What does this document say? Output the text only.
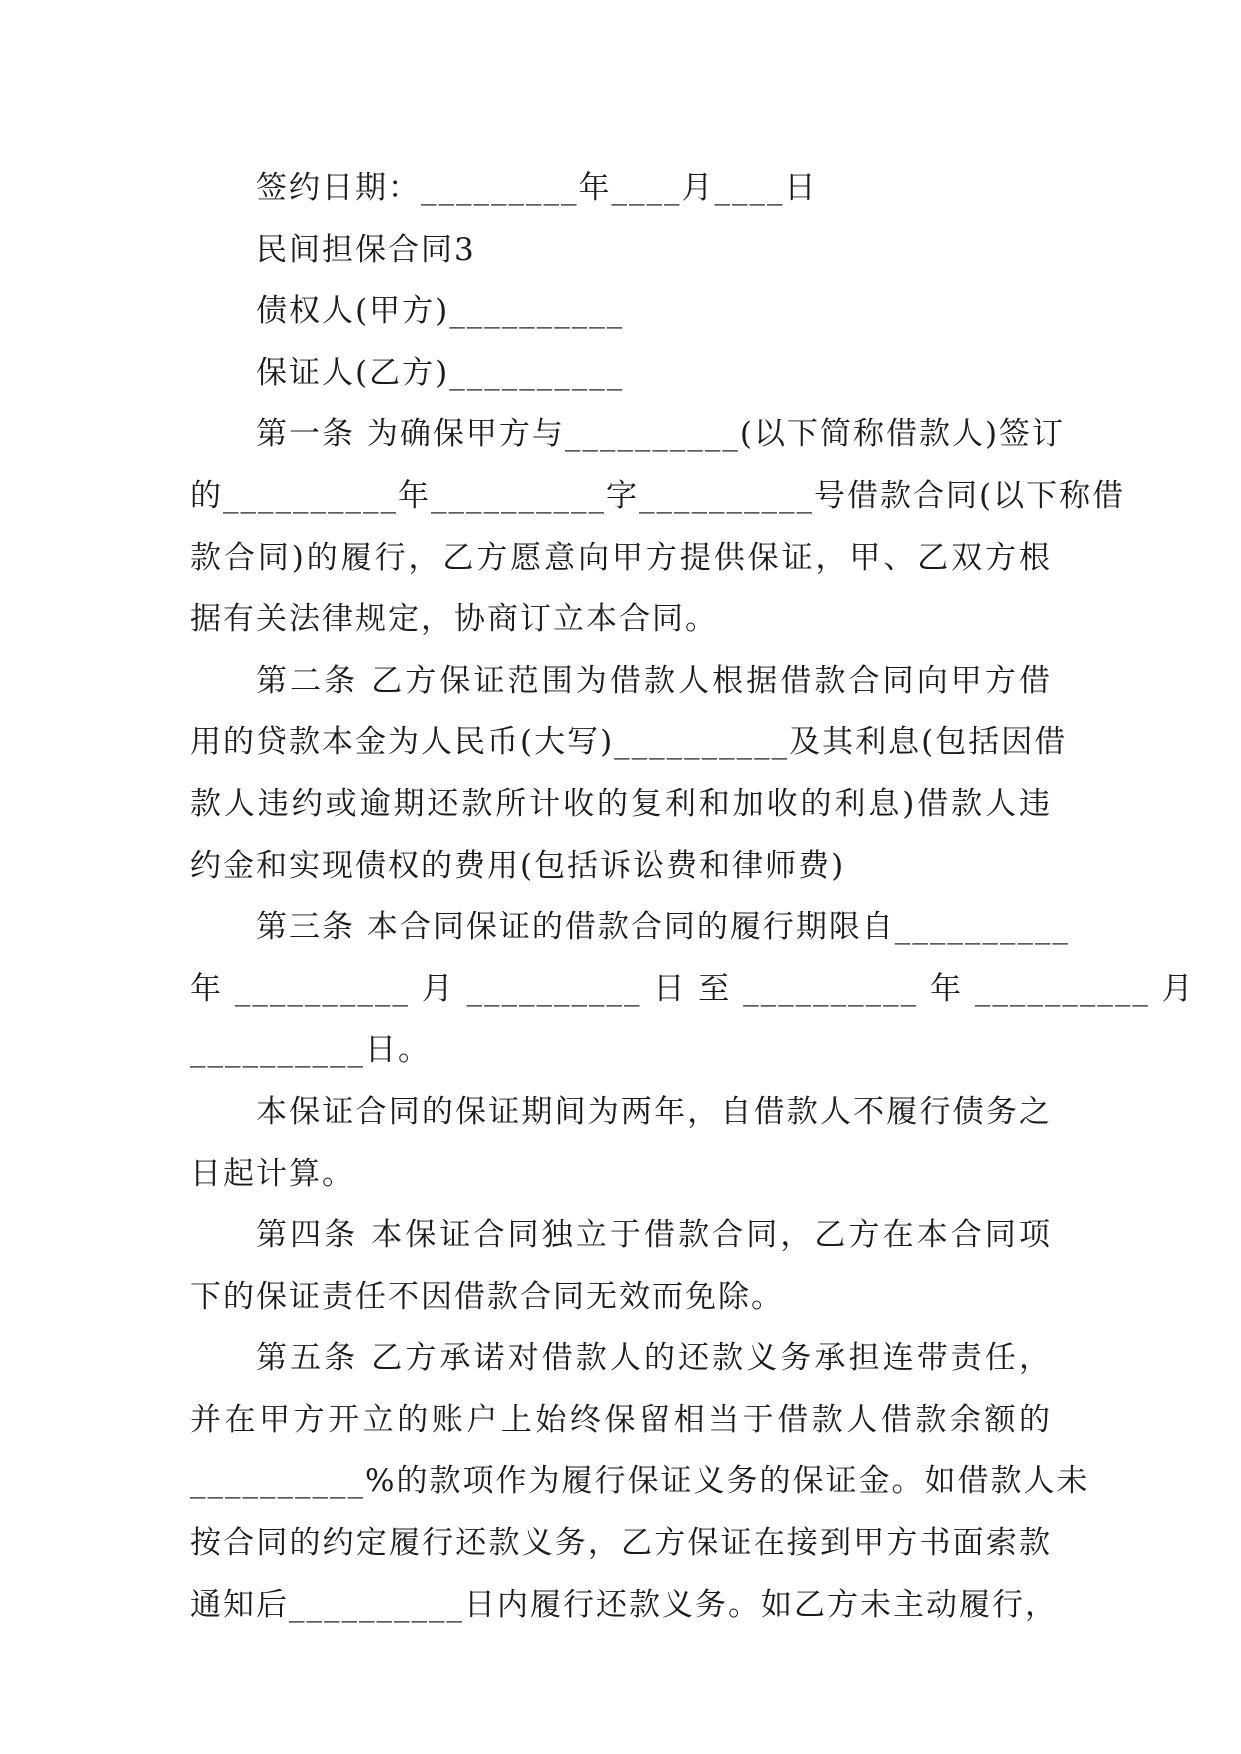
签约日期：_________年____月____日

民间担保合同3

债权人(甲方)__________

保证人(乙方)__________

第一条 为确保甲方与__________(以下简称借款人)签订

的__________年__________字__________号借款合同(以下称借

款合同)的履行，乙方愿意向甲方提供保证，甲、乙双方根

据有关法律规定，协商订立本合同。

第二条 乙方保证范围为借款人根据借款合同向甲方借

用的贷款本金为人民币(大写)__________及其利息(包括因借

款人违约或逾期还款所计收的复利和加收的利息)借款人违

约金和实现债权的费用(包括诉讼费和律师费)

第三条 本合同保证的借款合同的履行期限自__________

年 __________ 月 __________ 日 至 __________ 年 __________ 月

__________日。

本保证合同的保证期间为两年，自借款人不履行债务之

日起计算。

第四条 本保证合同独立于借款合同，乙方在本合同项

下的保证责任不因借款合同无效而免除。

第五条 乙方承诺对借款人的还款义务承担连带责任，

并在甲方开立的账户上始终保留相当于借款人借款余额的

__________%的款项作为履行保证义务的保证金。如借款人未

按合同的约定履行还款义务，乙方保证在接到甲方书面索款

通知后__________日内履行还款义务。如乙方未主动履行，
